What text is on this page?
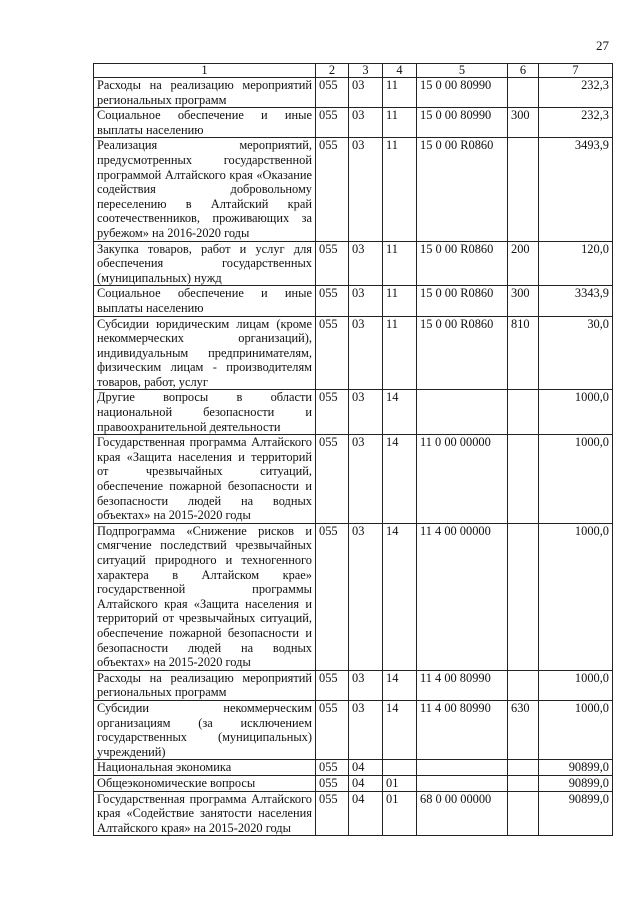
27
1	2	3	4	5	6	7
Расходы на реализацию мероприятий региональных программ	055	03	11	15 0 00 80990		232,3
Социальное обеспечение и иные выплаты населению	055	03	11	15 0 00 80990	300	232,3
Реализация мероприятий, предусмотренных государственной программой Алтайского края «Оказание содействия добровольному переселению в Алтайский край соотечественников, проживающих за рубежом» на 2016-2020 годы	055	03	11	15 0 00 R0860		3493,9
Закупка товаров, работ и услуг для обеспечения государственных (муниципальных) нужд	055	03	11	15 0 00 R0860	200	120,0
Социальное обеспечение и иные выплаты населению	055	03	11	15 0 00 R0860	300	3343,9
Субсидии юридическим лицам (кроме некоммерческих организаций), индивидуальным предпринимателям, физическим лицам - производителям товаров, работ, услуг	055	03	11	15 0 00 R0860	810	30,0
Другие вопросы в области национальной безопасности и правоохранительной деятельности	055	03	14			1000,0
Государственная программа Алтайского края «Защита населения и территорий от чрезвычайных ситуаций, обеспечение пожарной безопасности и безопасности людей на водных объектах» на 2015-2020 годы	055	03	14	11 0 00 00000		1000,0
Подпрограмма «Снижение рисков и смягчение последствий чрезвычайных ситуаций природного и техногенного характера в Алтайском крае» государственной программы Алтайского края «Защита населения и территорий от чрезвычайных ситуаций, обеспечение пожарной безопасности и безопасности людей на водных объектах» на 2015-2020 годы	055	03	14	11 4 00 00000		1000,0
Расходы на реализацию мероприятий региональных программ	055	03	14	11 4 00 80990		1000,0
Субсидии некоммерческим организациям (за исключением государственных (муниципальных) учреждений)	055	03	14	11 4 00 80990	630	1000,0
Национальная экономика	055	04				90899,0
Общеэкономические вопросы	055	04	01			90899,0
Государственная программа Алтайского края «Содействие занятости населения Алтайского края» на 2015-2020 годы	055	04	01	68 0 00 00000		90899,0
